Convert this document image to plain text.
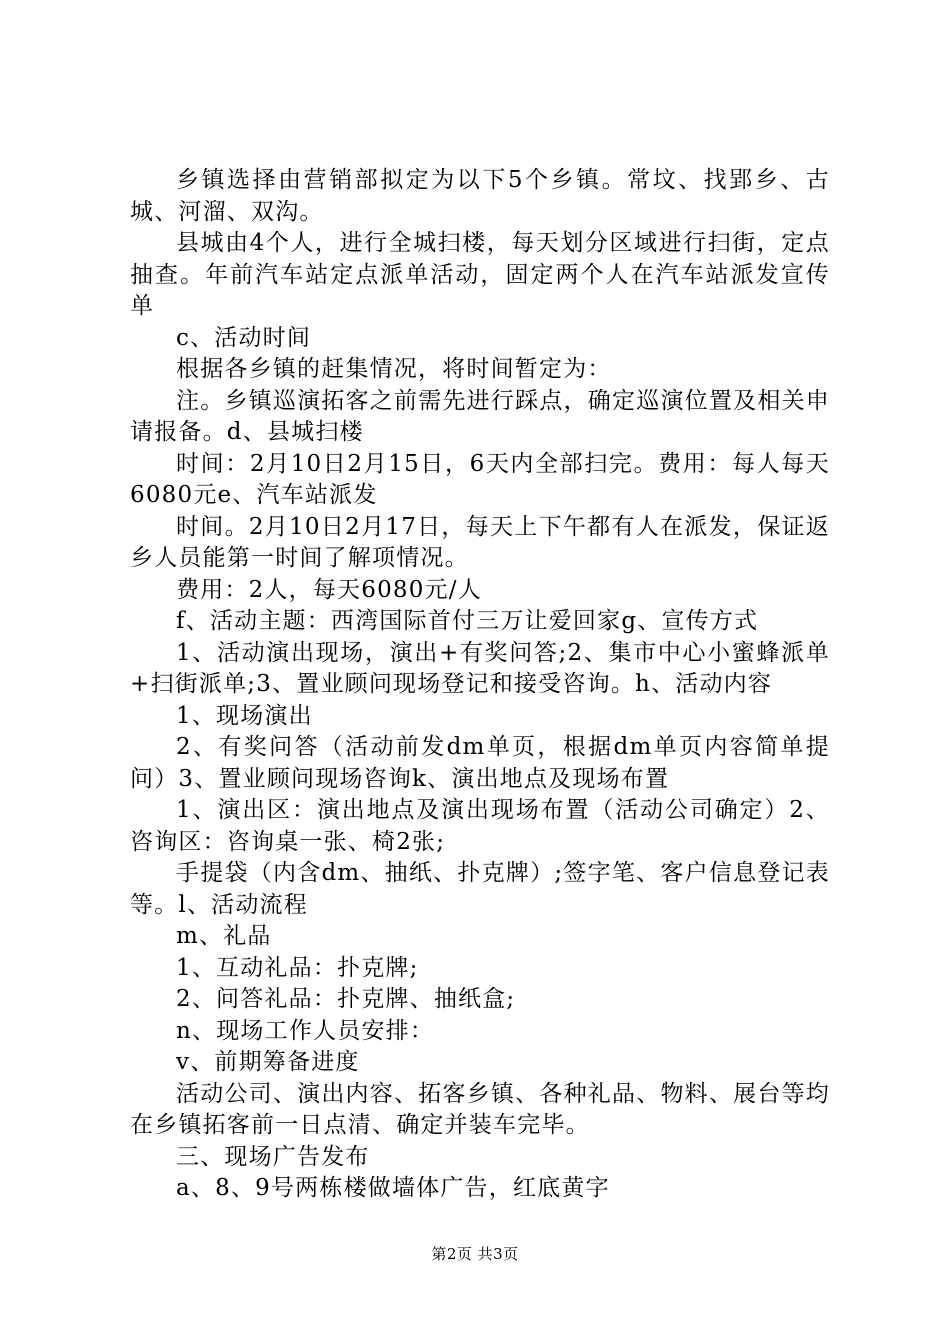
乡镇选择由营销部拟定为以下5个乡镇。常坟、找郢乡、古城、河溜、双沟。

县城由4个人，进行全城扫楼，每天划分区域进行扫街，定点抽查。年前汽车站定点派单活动，固定两个人在汽车站派发宣传单

c、活动时间

根据各乡镇的赶集情况，将时间暂定为：

注。乡镇巡演拓客之前需先进行踩点，确定巡演位置及相关申请报备。d、县城扫楼

时间：2月10日2月15日，6天内全部扫完。费用：每人每天6080元e、汽车站派发

时间。2月10日2月17日，每天上下午都有人在派发，保证返乡人员能第一时间了解项情况。

费用：2人，每天6080元/人

f、活动主题：西湾国际首付三万让爱回家g、宣传方式

1、活动演出现场，演出+有奖问答;2、集市中心小蜜蜂派单+扫街派单;3、置业顾问现场登记和接受咨询。h、活动内容

1、现场演出

2、有奖问答（活动前发dm单页，根据dm单页内容简单提问）3、置业顾问现场咨询k、演出地点及现场布置

1、演出区：演出地点及演出现场布置（活动公司确定）2、咨询区：咨询桌一张、椅2张;

手提袋（内含dm、抽纸、扑克牌）;签字笔、客户信息登记表等。l、活动流程

m、礼品

1、互动礼品：扑克牌;

2、问答礼品：扑克牌、抽纸盒;

n、现场工作人员安排：

v、前期筹备进度

活动公司、演出内容、拓客乡镇、各种礼品、物料、展台等均在乡镇拓客前一日点清、确定并装车完毕。

三、现场广告发布

a、8、9号两栋楼做墙体广告，红底黄字

第2页 共3页
